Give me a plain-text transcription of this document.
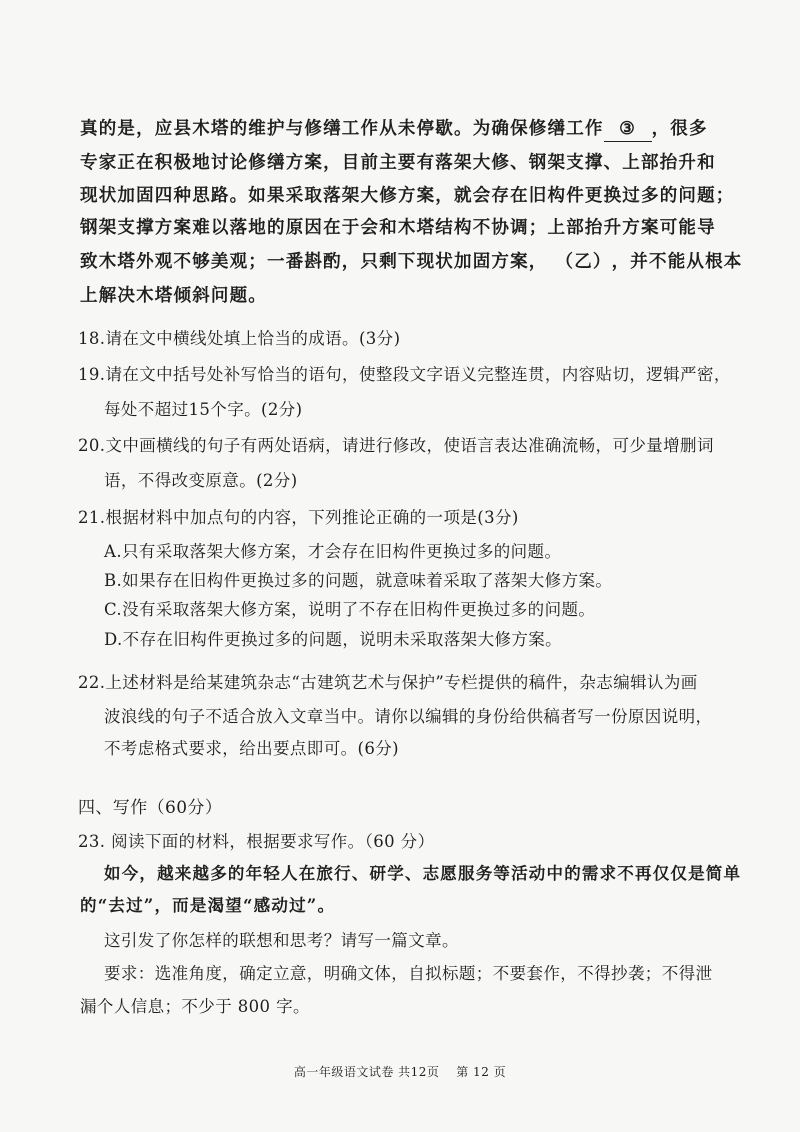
真的是，应县木塔的维护与修缮工作从未停歇。为确保修缮工作 ③ ，很多
专家正在积极地讨论修缮方案，目前主要有落架大修、钢架支撑、上部抬升和
现状加固四种思路。如果采取落架大修方案，就会存在旧构件更换过多的问题；
钢架支撑方案难以落地的原因在于会和木塔结构不协调；上部抬升方案可能导
致木塔外观不够美观；一番斟酌，只剩下现状加固方案， （乙），并不能从根本
上解决木塔倾斜问题。
18.请在文中横线处填上恰当的成语。(3分)
19.请在文中括号处补写恰当的语句，使整段文字语义完整连贯，内容贴切，逻辑严密，
每处不超过15个字。(2分)
20.文中画横线的句子有两处语病，请进行修改，使语言表达准确流畅，可少量增删词
语，不得改变原意。(2分)
21.根据材料中加点句的内容，下列推论正确的一项是(3分)
A.只有采取落架大修方案，才会存在旧构件更换过多的问题。
B.如果存在旧构件更换过多的问题，就意味着采取了落架大修方案。
C.没有采取落架大修方案，说明了不存在旧构件更换过多的问题。
D.不存在旧构件更换过多的问题，说明未采取落架大修方案。
22.上述材料是给某建筑杂志“古建筑艺术与保护”专栏提供的稿件，杂志编辑认为画
波浪线的句子不适合放入文章当中。请你以编辑的身份给供稿者写一份原因说明，
不考虑格式要求，给出要点即可。(6分)
四、写作（60分）
23. 阅读下面的材料，根据要求写作。（60 分）
如今，越来越多的年轻人在旅行、研学、志愿服务等活动中的需求不再仅仅是简单
的“去过”，而是渴望“感动过”。
这引发了你怎样的联想和思考？请写一篇文章。
要求：选准角度，确定立意，明确文体，自拟标题；不要套作，不得抄袭；不得泄
漏个人信息；不少于 800 字。
高一年级语文试卷 共12页　 第 12 页
